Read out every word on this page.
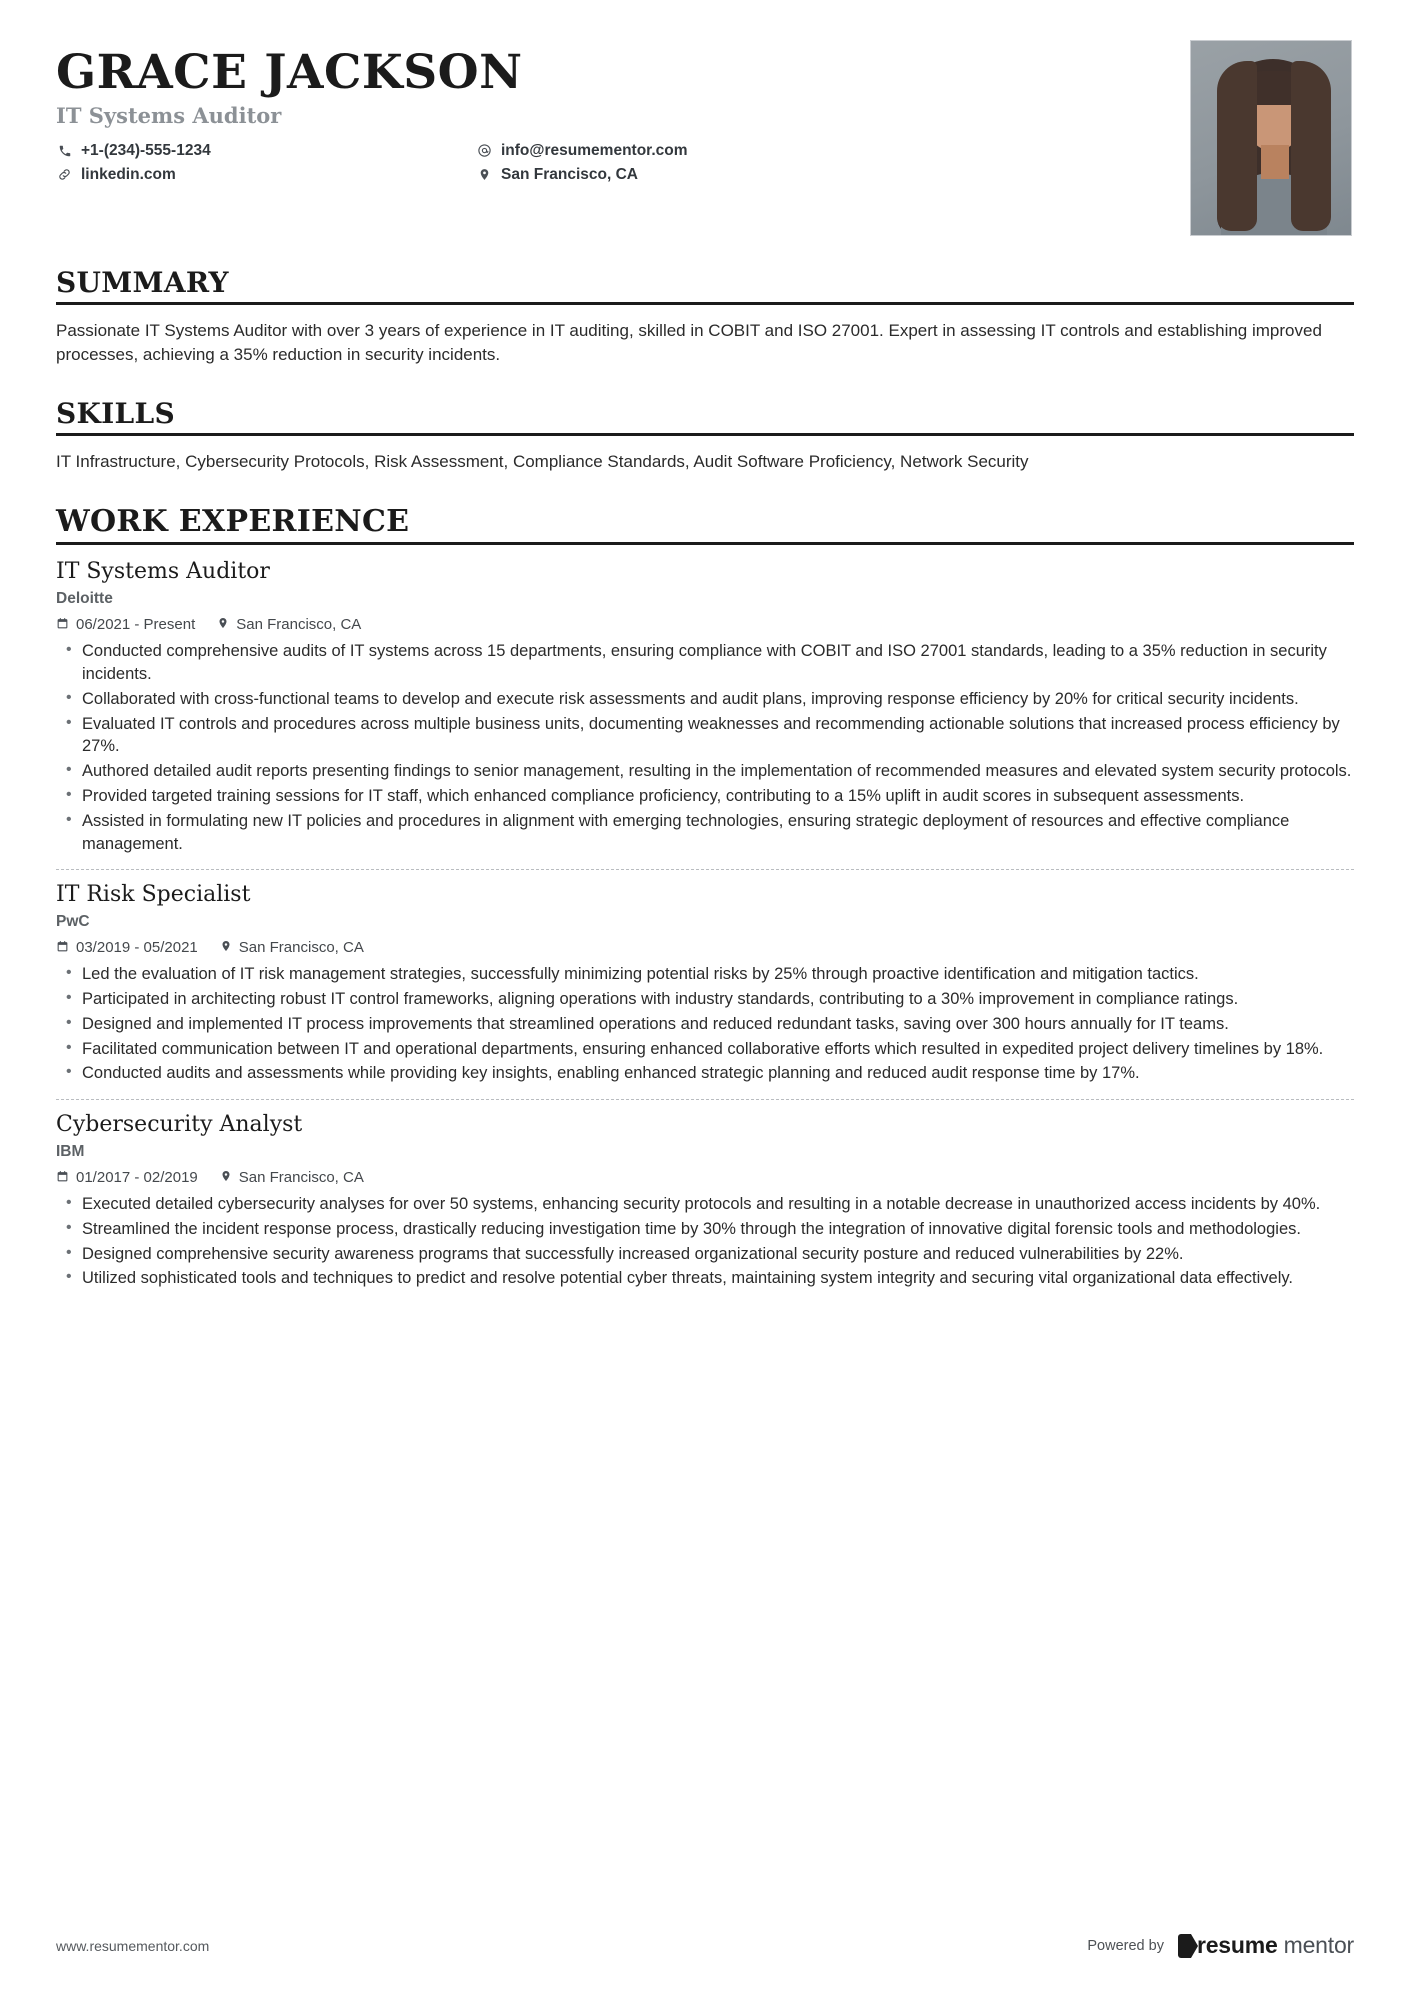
GRACE JACKSON
IT Systems Auditor
+1-(234)-555-1234	info@resumementor.com
linkedin.com	San Francisco, CA
SUMMARY

Passionate IT Systems Auditor with over 3 years of experience in IT auditing, skilled in COBIT and ISO 27001. Expert in assessing IT controls and establishing improved processes, achieving a 35% reduction in security incidents.

SKILLS

IT Infrastructure, Cybersecurity Protocols, Risk Assessment, Compliance Standards, Audit Software Proficiency, Network Security

WORK EXPERIENCE
IT Systems Auditor
Deloitte
06/2021 - Present	San Francisco, CA
• Conducted comprehensive audits of IT systems across 15 departments, ensuring compliance with COBIT and ISO 27001 standards, leading to a 35% reduction in security incidents.
• Collaborated with cross-functional teams to develop and execute risk assessments and audit plans, improving response efficiency by 20% for critical security incidents.
• Evaluated IT controls and procedures across multiple business units, documenting weaknesses and recommending actionable solutions that increased process efficiency by 27%.
• Authored detailed audit reports presenting findings to senior management, resulting in the implementation of recommended measures and elevated system security protocols.
• Provided targeted training sessions for IT staff, which enhanced compliance proficiency, contributing to a 15% uplift in audit scores in subsequent assessments.
• Assisted in formulating new IT policies and procedures in alignment with emerging technologies, ensuring strategic deployment of resources and effective compliance management.
IT Risk Specialist
PwC
03/2019 - 05/2021	San Francisco, CA
• Led the evaluation of IT risk management strategies, successfully minimizing potential risks by 25% through proactive identification and mitigation tactics.
• Participated in architecting robust IT control frameworks, aligning operations with industry standards, contributing to a 30% improvement in compliance ratings.
• Designed and implemented IT process improvements that streamlined operations and reduced redundant tasks, saving over 300 hours annually for IT teams.
• Facilitated communication between IT and operational departments, ensuring enhanced collaborative efforts which resulted in expedited project delivery timelines by 18%.
• Conducted audits and assessments while providing key insights, enabling enhanced strategic planning and reduced audit response time by 17%.
Cybersecurity Analyst
IBM
01/2017 - 02/2019	San Francisco, CA
• Executed detailed cybersecurity analyses for over 50 systems, enhancing security protocols and resulting in a notable decrease in unauthorized access incidents by 40%.
• Streamlined the incident response process, drastically reducing investigation time by 30% through the integration of innovative digital forensic tools and methodologies.
• Designed comprehensive security awareness programs that successfully increased organizational security posture and reduced vulnerabilities by 22%.
• Utilized sophisticated tools and techniques to predict and resolve potential cyber threats, maintaining system integrity and securing vital organizational data effectively.
www.resumementor.com	Powered by resume mentor
